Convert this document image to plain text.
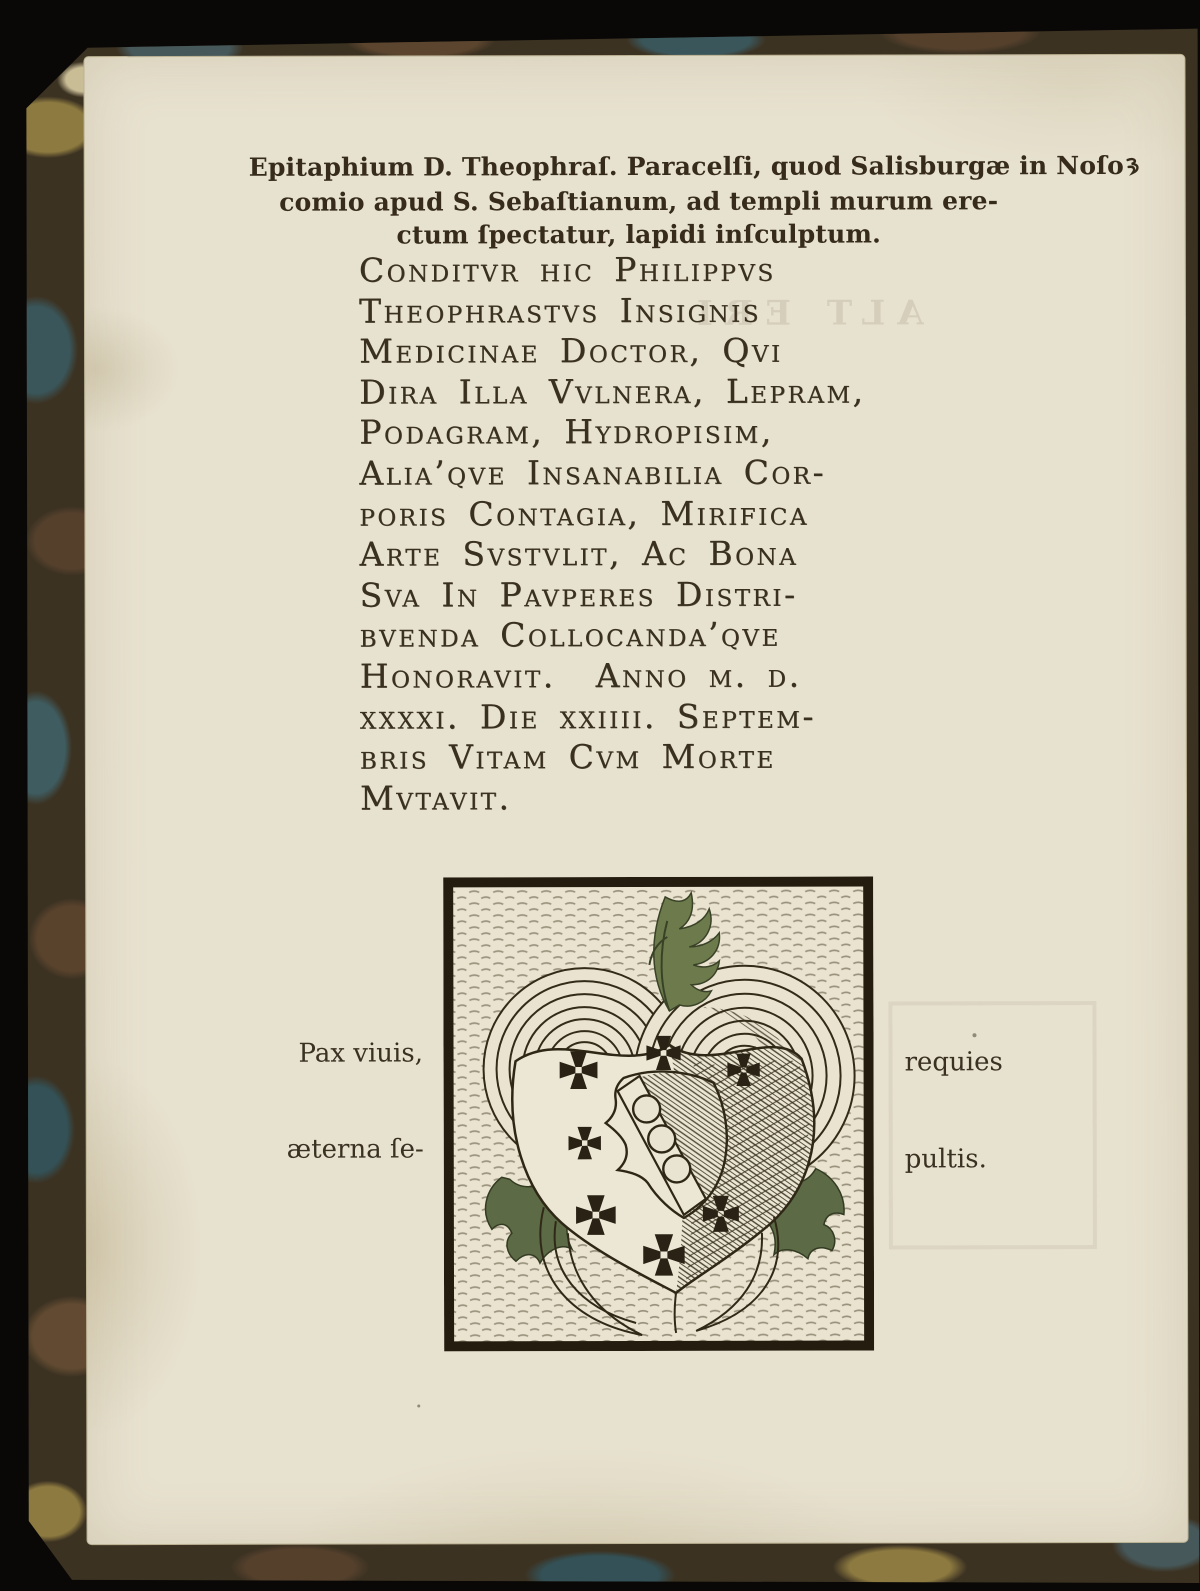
ALT ERI
Epitaphium D. Theophraſ. Paracelſi, quod Salisburgæ in Noſo
comio apud S. Sebaſtianum, ad templi murum ere-
ctum ſpectatur, lapidi inſculptum.
Conditvr hic Philippvs
Theophrastvs Insignis
Medicinae Doctor, Qvi
Dira Illa Vvlnera, Lepram,
Podagram, Hydropisim,
Alia’qve Insanabilia Cor-
poris Contagia, Mirifica
Arte Svstvlit, Ac Bona
Sva In Pavperes Distri-
bvenda Collocanda’qve
Honoravit.  Anno m. d.
xxxxi. Die xxiiii. Septem-
bris Vitam Cvm Morte
Mvtavit.
Pax viuis,
æterna ſe-
requies
pultis.
